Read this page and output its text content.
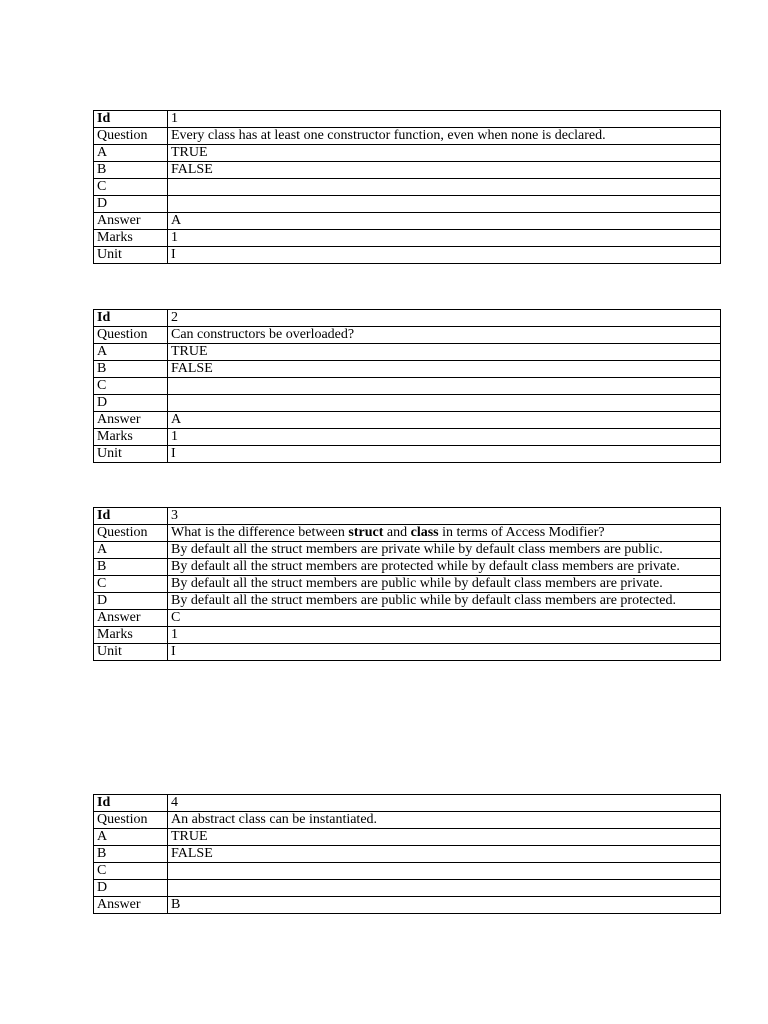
Id	1
Question	Every class has at least one constructor function, even when none is declared.
A	TRUE
B	FALSE
C	
D	
Answer	A
Marks	1
Unit	I
Id	2
Question	Can constructors be overloaded?
A	TRUE
B	FALSE
C	
D	
Answer	A
Marks	1
Unit	I
Id	3
Question	What is the difference between struct and class in terms of Access Modifier?
A	By default all the struct members are private while by default class members are public.
B	By default all the struct members are protected while by default class members are private.
C	By default all the struct members are public while by default class members are private.
D	By default all the struct members are public while by default class members are protected.
Answer	C
Marks	1
Unit	I
Id	4
Question	An abstract class can be instantiated.
A	TRUE
B	FALSE
C	
D	
Answer	B
